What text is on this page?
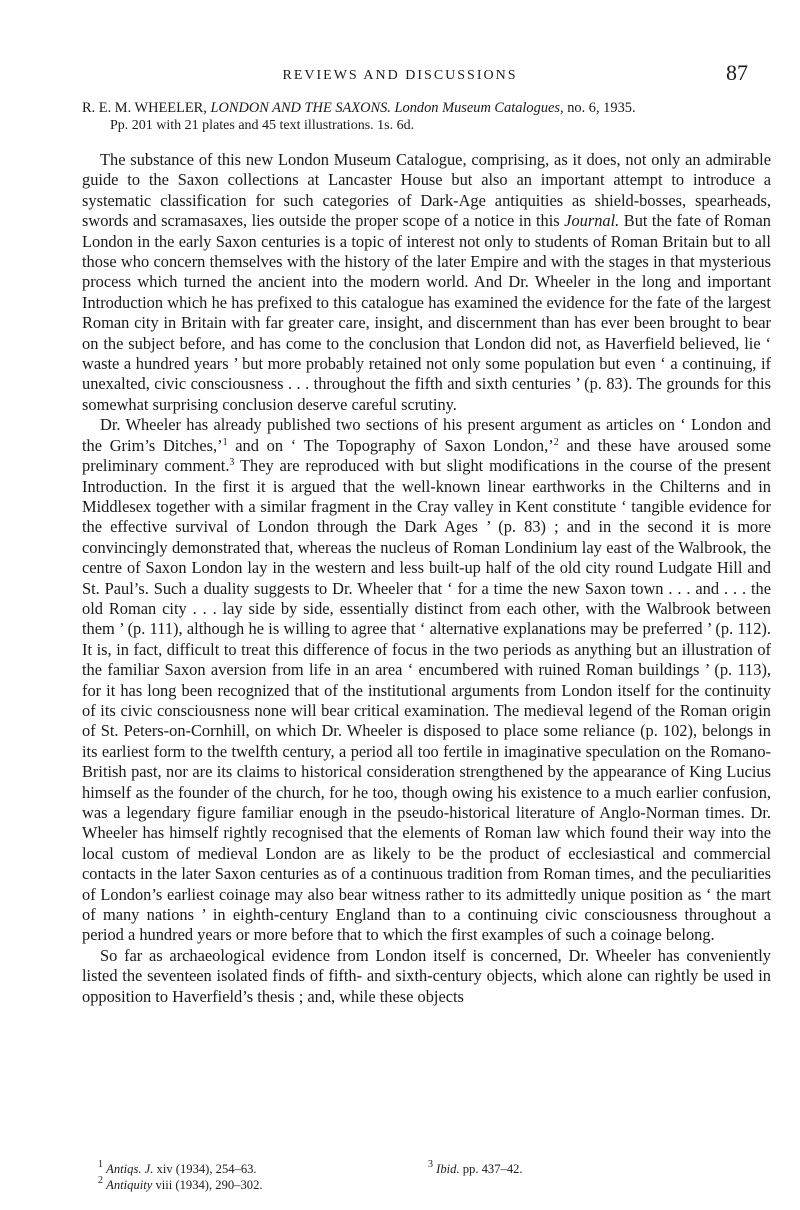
REVIEWS AND DISCUSSIONS	87
R. E. M. WHEELER, LONDON AND THE SAXONS. London Museum Catalogues, no. 6, 1935.
Pp. 201 with 21 plates and 45 text illustrations. 1s. 6d.

The substance of this new London Museum Catalogue, comprising, as it does, not only an admirable guide to the Saxon collections at Lancaster House but also an important attempt to introduce a systematic classification for such categories of Dark-Age antiquities as shield-bosses, spearheads, swords and scramasaxes, lies outside the proper scope of a notice in this Journal. But the fate of Roman London in the early Saxon centuries is a topic of interest not only to students of Roman Britain but to all those who concern themselves with the history of the later Empire and with the stages in that mysterious process which turned the ancient into the modern world. And Dr. Wheeler in the long and important Introduction which he has prefixed to this catalogue has examined the evidence for the fate of the largest Roman city in Britain with far greater care, insight, and discernment than has ever been brought to bear on the subject before, and has come to the conclusion that London did not, as Haverfield believed, lie ‘ waste a hundred years ’ but more probably retained not only some population but even ‘ a continuing, if unexalted, civic consciousness . . . throughout the fifth and sixth centuries ’ (p. 83). The grounds for this somewhat surprising conclusion deserve careful scrutiny.

Dr. Wheeler has already published two sections of his present argument as articles on ‘ London and the Grim’s Ditches,’$^1$ and on ‘ The Topography of Saxon London,’$^2$ and these have aroused some preliminary comment.$^3$ They are reproduced with but slight modifications in the course of the present Introduction. In the first it is argued that the well-known linear earthworks in the Chilterns and in Middlesex together with a similar fragment in the Cray valley in Kent constitute ‘ tangible evidence for the effective survival of London through the Dark Ages ’ (p. 83) ; and in the second it is more convincingly demonstrated that, whereas the nucleus of Roman Londinium lay east of the Walbrook, the centre of Saxon London lay in the western and less built-up half of the old city round Ludgate Hill and St. Paul’s. Such a duality suggests to Dr. Wheeler that ‘ for a time the new Saxon town . . . and . . . the old Roman city . . . lay side by side, essentially distinct from each other, with the Walbrook between them ’ (p. 111), although he is willing to agree that ‘ alternative explanations may be preferred ’ (p. 112). It is, in fact, difficult to treat this difference of focus in the two periods as anything but an illustration of the familiar Saxon aversion from life in an area ‘ encumbered with ruined Roman buildings ’ (p. 113), for it has long been recognized that of the institutional arguments from London itself for the continuity of its civic consciousness none will bear critical examination. The medieval legend of the Roman origin of St. Peters-on-Cornhill, on which Dr. Wheeler is disposed to place some reliance (p. 102), belongs in its earliest form to the twelfth century, a period all too fertile in imaginative speculation on the Romano-British past, nor are its claims to historical consideration strengthened by the appearance of King Lucius himself as the founder of the church, for he too, though owing his existence to a much earlier confusion, was a legendary figure familiar enough in the pseudo-historical literature of Anglo-Norman times. Dr. Wheeler has himself rightly recognised that the elements of Roman law which found their way into the local custom of medieval London are as likely to be the product of ecclesiastical and commercial contacts in the later Saxon centuries as of a continuous tradition from Roman times, and the peculiarities of London’s earliest coinage may also bear witness rather to its admittedly unique position as ‘ the mart of many nations ’ in eighth-century England than to a continuing civic consciousness throughout a period a hundred years or more before that to which the first examples of such a coinage belong.

So far as archaeological evidence from London itself is concerned, Dr. Wheeler has conveniently listed the seventeen isolated finds of fifth- and sixth-century objects, which alone can rightly be used in opposition to Haverfield’s thesis ; and, while these objects

$^1$ Antiqs. J. xiv (1934), 254–63.	$^3$ Ibid. pp. 437–42.
$^2$ Antiquity viii (1934), 290–302.
